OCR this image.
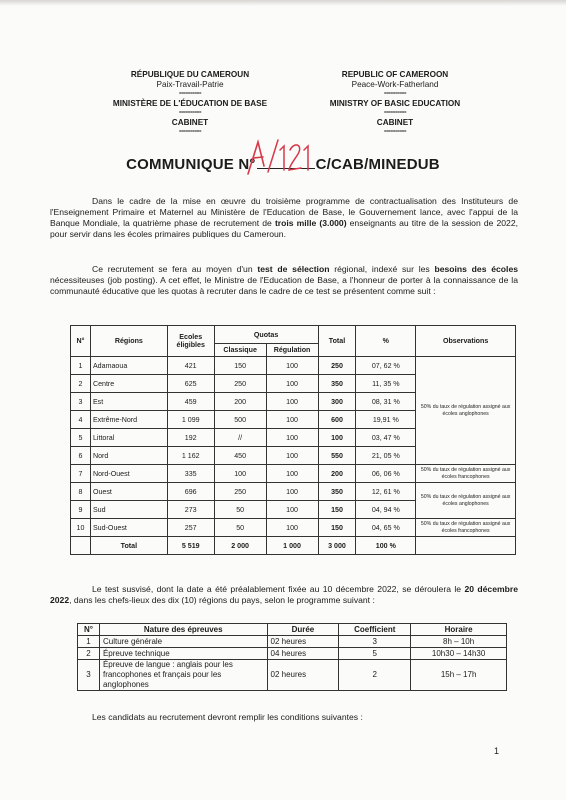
RÉPUBLIQUE DU CAMEROUN
Paix-Travail-Patrie
----------
MINISTÈRE DE L'ÉDUCATION DE BASE
----------
CABINET
----------
REPUBLIC OF CAMEROON
Peace-Work-Fatherland
----------
MINISTRY OF BASIC EDUCATION
----------
CABINET
----------
COMMUNIQUE N°	C/CAB/MINEDUB
Dans le cadre de la mise en œuvre du troisième programme de contractualisation des Instituteurs de l'Enseignement Primaire et Maternel au Ministère de l'Education de Base, le Gouvernement lance, avec l'appui de la Banque Mondiale, la quatrième phase de recrutement de trois mille (3.000) enseignants au titre de la session de 2022, pour servir dans les écoles primaires publiques du Cameroun.
Ce recrutement se fera au moyen d'un test de sélection régional, indexé sur les besoins des écoles nécessiteuses (job posting). A cet effet, le Ministre de l'Education de Base, a l'honneur de porter à la connaissance de la communauté éducative que les quotas à recruter dans le cadre de ce test se présentent comme suit :
N°	Régions	Ecoles éligibles	Quotas		Total	%	Observations
			Classique	Régulation			
1	Adamaoua	421	150	100	250	07, 62 %	50% du taux de régulation assigné aux écoles anglophones
2	Centre	625	250	100	350	11, 35 %	
3	Est	459	200	100	300	08, 31 %	
4	Extrême-Nord	1 099	500	100	600	19,91 %	
5	Littoral	192	//	100	100	03, 47 %	
6	Nord	1 162	450	100	550	21, 05 %	
7	Nord-Ouest	335	100	100	200	06, 06 %	50% du taux de régulation assigné aux écoles francophones
8	Ouest	696	250	100	350	12, 61 %	50% du taux de régulation assigné aux écoles anglophones
9	Sud	273	50	100	150	04, 94 %	
10	Sud-Ouest	257	50	100	150	04, 65 %	50% du taux de régulation assigné aux écoles francophones
	Total	5 519	2 000	1 000	3 000	100 %	
Le test susvisé, dont la date a été préalablement fixée au 10 décembre 2022, se déroulera le 20 décembre 2022, dans les chefs-lieux des dix (10) régions du pays, selon le programme suivant :
N°	Nature des épreuves	Durée	Coefficient	Horaire
1	Culture générale	02 heures	3	8h – 10h
2	Épreuve technique	04 heures	5	10h30 – 14h30
3	Épreuve de langue : anglais pour les francophones et français pour les anglophones	02 heures	2	15h – 17h
Les candidats au recrutement devront remplir les conditions suivantes :
1
